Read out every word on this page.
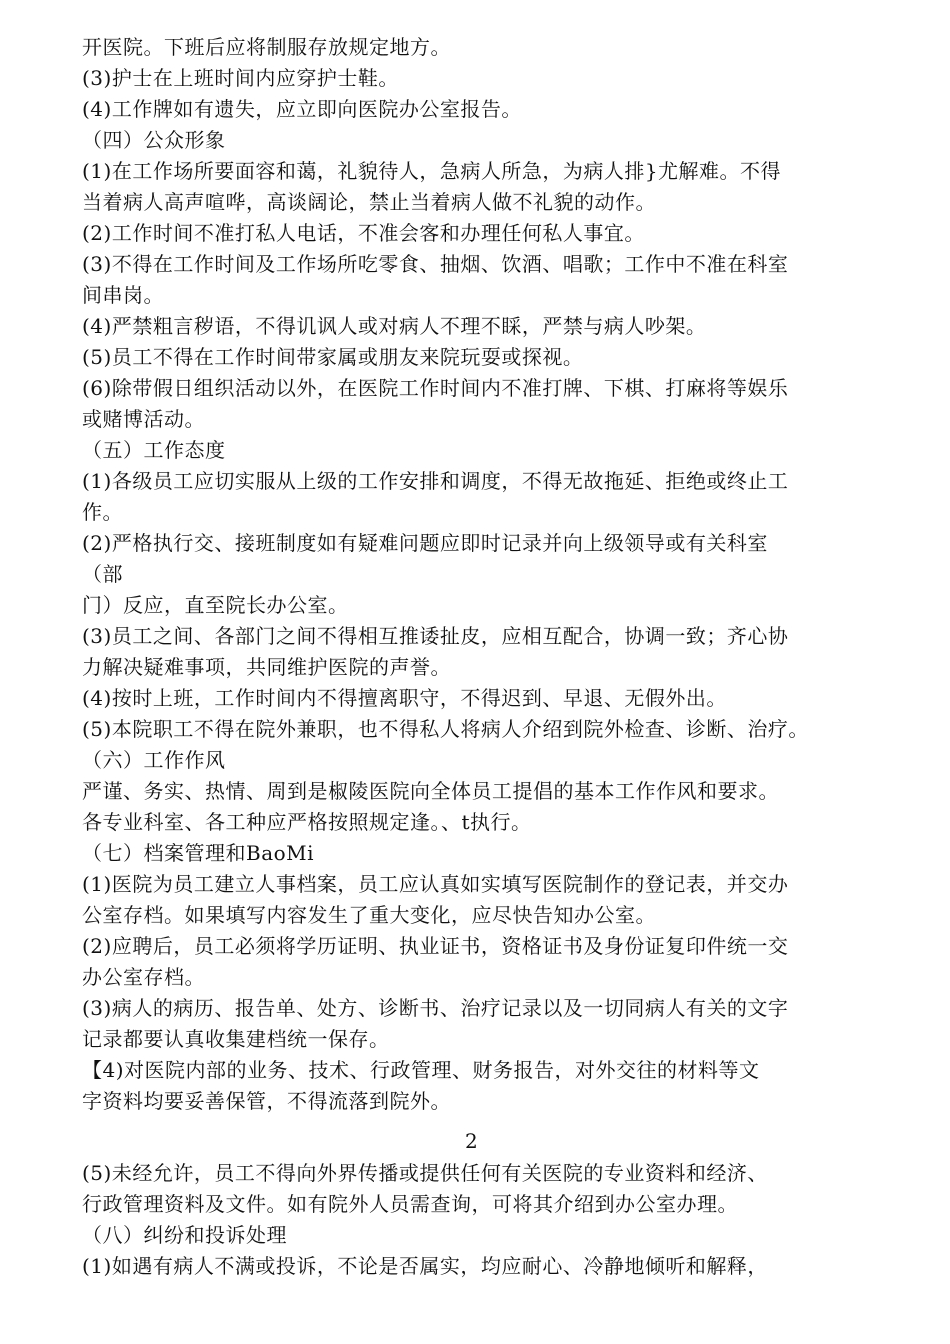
开医院。下班后应将制服存放规定地方。
(3)护士在上班时间内应穿护士鞋。
(4)工作牌如有遗失，应立即向医院办公室报告。
（四）公众形象
(1)在工作场所要面容和蔼，礼貌待人，急病人所急，为病人排}尤解难。不得
当着病人高声喧哗，高谈阔论，禁止当着病人做不礼貌的动作。
(2)工作时间不准打私人电话，不准会客和办理任何私人事宜。
(3)不得在工作时间及工作场所吃零食、抽烟、饮酒、唱歌；工作中不准在科室
间串岗。
(4)严禁粗言秽语，不得讥讽人或对病人不理不睬，严禁与病人吵架。
(5)员工不得在工作时间带家属或朋友来院玩耍或探视。
(6)除带假日组织活动以外，在医院工作时间内不准打牌、下棋、打麻将等娱乐
或赌博活动。
（五）工作态度
(1)各级员工应切实服从上级的工作安排和调度，不得无故拖延、拒绝或终止工
作。
(2)严格执行交、接班制度如有疑难问题应即时记录并向上级领导或有关科室
（部
门）反应，直至院长办公室。
(3)员工之间、各部门之间不得相互推诿扯皮，应相互配合，协调一致；齐心协
力解决疑难事项，共同维护医院的声誉。
(4)按时上班，工作时间内不得擅离职守，不得迟到、早退、无假外出。
(5)本院职工不得在院外兼职，也不得私人将病人介绍到院外检查、诊断、治疗。
（六）工作作风
严谨、务实、热情、周到是椒陵医院向全体员工提倡的基本工作作风和要求。
各专业科室、各工种应严格按照规定逢。、t执行。
（七）档案管理和BaoMi
(1)医院为员工建立人事档案，员工应认真如实填写医院制作的登记表，并交办
公室存档。如果填写内容发生了重大变化，应尽快告知办公室。
(2)应聘后，员工必须将学历证明、执业证书，资格证书及身份证复印件统一交
办公室存档。
(3)病人的病历、报告单、处方、诊断书、治疗记录以及一切同病人有关的文字
记录都要认真收集建档统一保存。
【4)对医院内部的业务、技术、行政管理、财务报告，对外交往的材料等文
字资料均要妥善保管，不得流落到院外。
2
(5)未经允许，员工不得向外界传播或提供任何有关医院的专业资料和经济、
行政管理资料及文件。如有院外人员需查询，可将其介绍到办公室办理。
（八）纠纷和投诉处理
(1)如遇有病人不满或投诉，不论是否属实，均应耐心、冷静地倾听和解释，
